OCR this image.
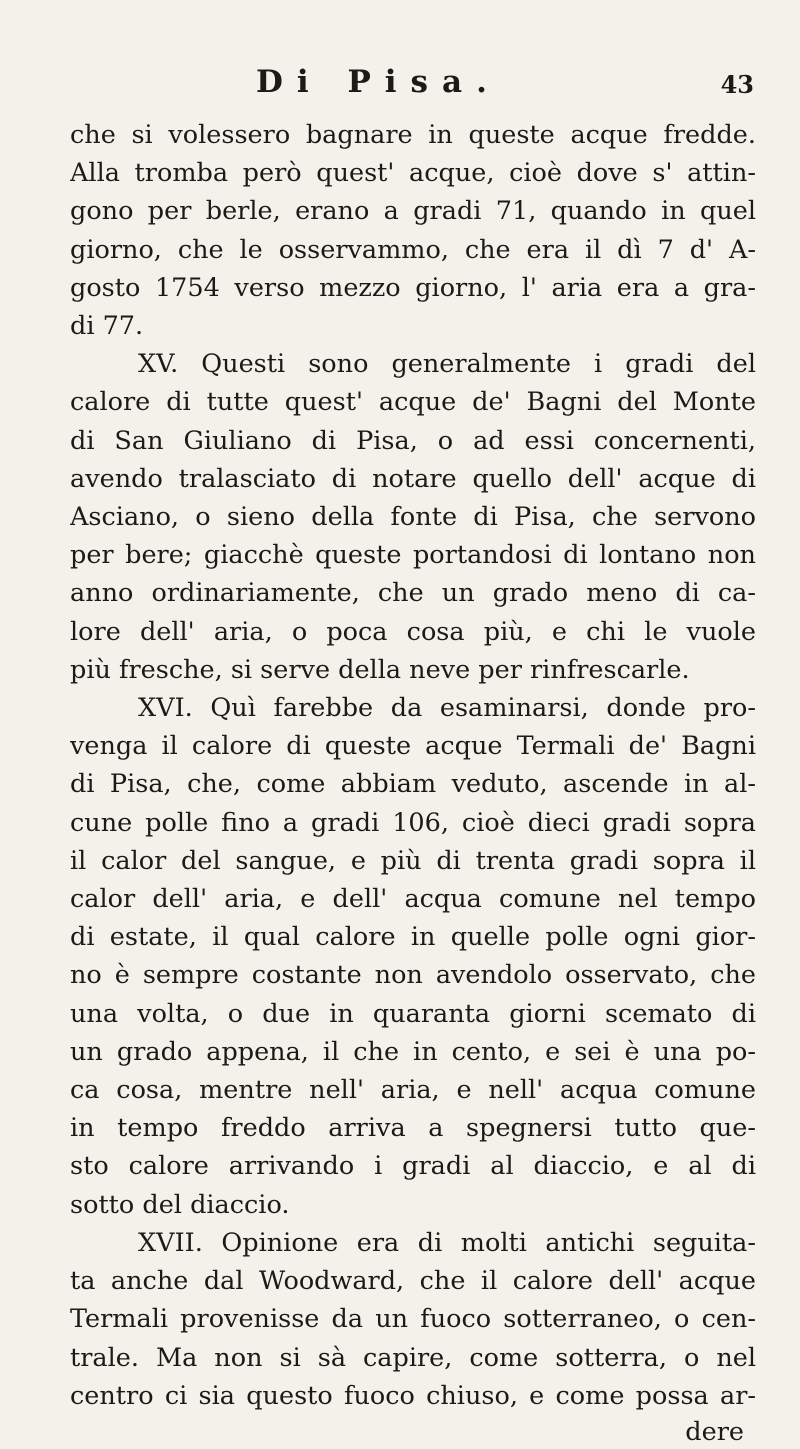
Di Pisa.	43
che si volessero bagnare in queste acque fredde.
Alla tromba però quest' acque, cioè dove s' attin-
gono per berle, erano a gradi 71, quando in quel
giorno, che le osservammo, che era il dì 7 d' A-
gosto 1754 verso mezzo giorno, l' aria era a gra-
di 77.
XV. Questi sono generalmente i gradi del
calore di tutte quest' acque de' Bagni del Monte
di San Giuliano di Pisa, o ad essi concernenti,
avendo tralasciato di notare quello dell' acque di
Asciano, o sieno della fonte di Pisa, che servono
per bere; giacchè queste portandosi di lontano non
anno ordinariamente, che un grado meno di ca-
lore dell' aria, o poca cosa più, e chi le vuole
più fresche, si serve della neve per rinfrescarle.
XVI. Quì farebbe da esaminarsi, donde pro-
venga il calore di queste acque Termali de' Bagni
di Pisa, che, come abbiam veduto, ascende in al-
cune polle fino a gradi 106, cioè dieci gradi sopra
il calor del sangue, e più di trenta gradi sopra il
calor dell' aria, e dell' acqua comune nel tempo
di estate, il qual calore in quelle polle ogni gior-
no è sempre costante non avendolo osservato, che
una volta, o due in quaranta giorni scemato di
un grado appena, il che in cento, e sei è una po-
ca cosa, mentre nell' aria, e nell' acqua comune
in tempo freddo arriva a spegnersi tutto que-
sto calore arrivando i gradi al diaccio, e al di
sotto del diaccio.
XVII. Opinione era di molti antichi seguita-
ta anche dal Woodward, che il calore dell' acque
Termali provenisse da un fuoco sotterraneo, o cen-
trale. Ma non si sà capire, come sotterra, o nel
centro ci sia questo fuoco chiuso, e come possa ar-
dere
